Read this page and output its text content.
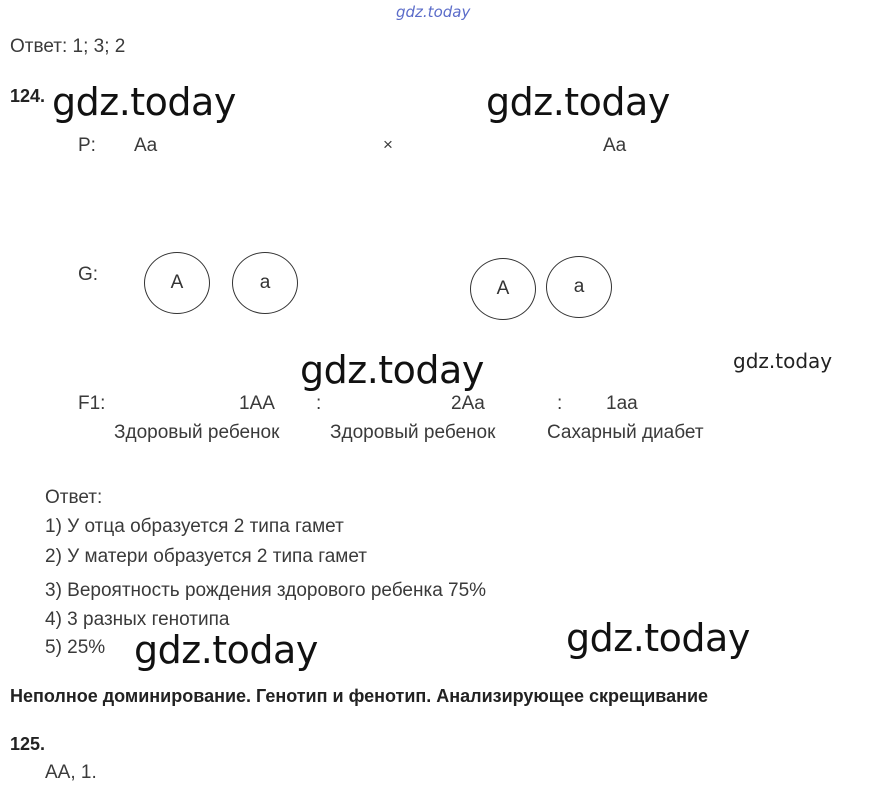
gdz.today
Ответ: 1; 3; 2
124. gdz.today	gdz.today
P: Aa	×	Aa
G:	A	a	A	a
gdz.today	gdz.today
F1:	1AA :	2Aa	: 1aa
Здоровый ребенок	Здоровый ребенок	Сахарный диабет
Ответ:
1) У отца образуется 2 типа гамет
2) У матери образуется 2 типа гамет
3) Вероятность рождения здорового ребенка 75%
4) 3 разных генотипа
5) 25% gdz.today	gdz.today
Неполное доминирование. Генотип и фенотип. Анализирующее скрещивание
125.
AA, 1.
